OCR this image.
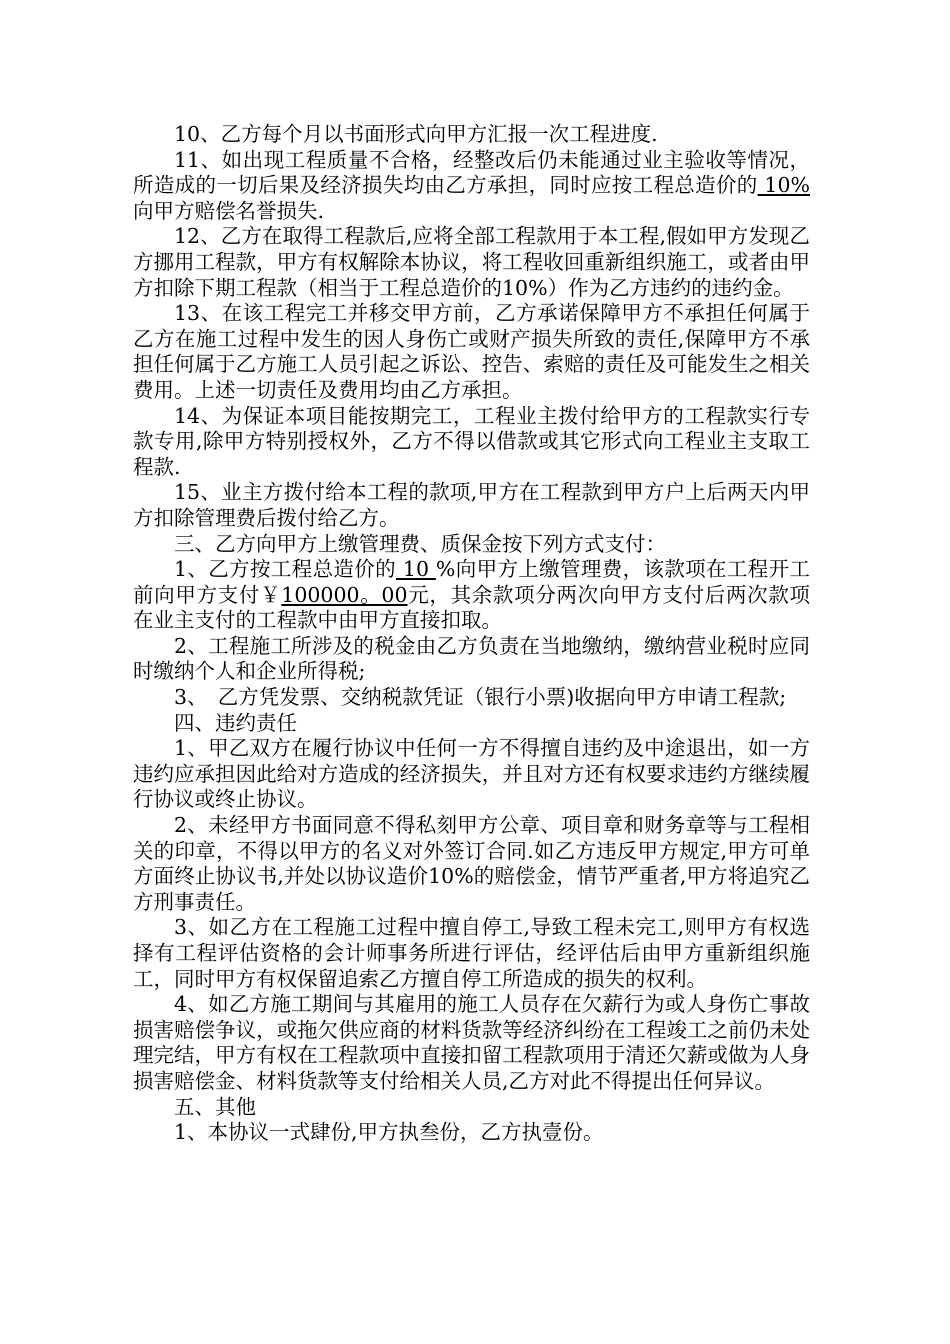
10、乙方每个月以书面形式向甲方汇报一次工程进度.

11、如出现工程质量不合格，经整改后仍未能通过业主验收等情况，所造成的一切后果及经济损失均由乙方承担，同时应按工程总造价的 10% 向甲方赔偿名誉损失.

12、乙方在取得工程款后,应将全部工程款用于本工程,假如甲方发现乙方挪用工程款，甲方有权解除本协议，将工程收回重新组织施工，或者由甲方扣除下期工程款（相当于工程总造价的10%）作为乙方违约的违约金。

13、在该工程完工并移交甲方前，乙方承诺保障甲方不承担任何属于乙方在施工过程中发生的因人身伤亡或财产损失所致的责任,保障甲方不承担任何属于乙方施工人员引起之诉讼、控告、索赔的责任及可能发生之相关费用。上述一切责任及费用均由乙方承担。

14、为保证本项目能按期完工，工程业主拨付给甲方的工程款实行专款专用,除甲方特别授权外，乙方不得以借款或其它形式向工程业主支取工程款.

15、业主方拨付给本工程的款项,甲方在工程款到甲方户上后两天内甲方扣除管理费后拨付给乙方。

三、乙方向甲方上缴管理费、质保金按下列方式支付：

1、乙方按工程总造价的 10 %向甲方上缴管理费，该款项在工程开工前向甲方支付￥100000。00元，其余款项分两次向甲方支付后两次款项在业主支付的工程款中由甲方直接扣取。

2、工程施工所涉及的税金由乙方负责在当地缴纳，缴纳营业税时应同时缴纳个人和企业所得税;

3、　乙方凭发票、交纳税款凭证（银行小票)收据向甲方申请工程款;

四、违约责任

1、甲乙双方在履行协议中任何一方不得擅自违约及中途退出，如一方违约应承担因此给对方造成的经济损失，并且对方还有权要求违约方继续履行协议或终止协议。

2、未经甲方书面同意不得私刻甲方公章、项目章和财务章等与工程相关的印章，不得以甲方的名义对外签订合同.如乙方违反甲方规定,甲方可单方面终止协议书,并处以协议造价10%的赔偿金，情节严重者,甲方将追究乙方刑事责任。

3、如乙方在工程施工过程中擅自停工,导致工程未完工,则甲方有权选择有工程评估资格的会计师事务所进行评估，经评估后由甲方重新组织施工，同时甲方有权保留追索乙方擅自停工所造成的损失的权利。

4、如乙方施工期间与其雇用的施工人员存在欠薪行为或人身伤亡事故损害赔偿争议，或拖欠供应商的材料货款等经济纠纷在工程竣工之前仍未处理完结，甲方有权在工程款项中直接扣留工程款项用于清还欠薪或做为人身损害赔偿金、材料货款等支付给相关人员,乙方对此不得提出任何异议。

五、其他

1、本协议一式肆份,甲方执叁份，乙方执壹份。
